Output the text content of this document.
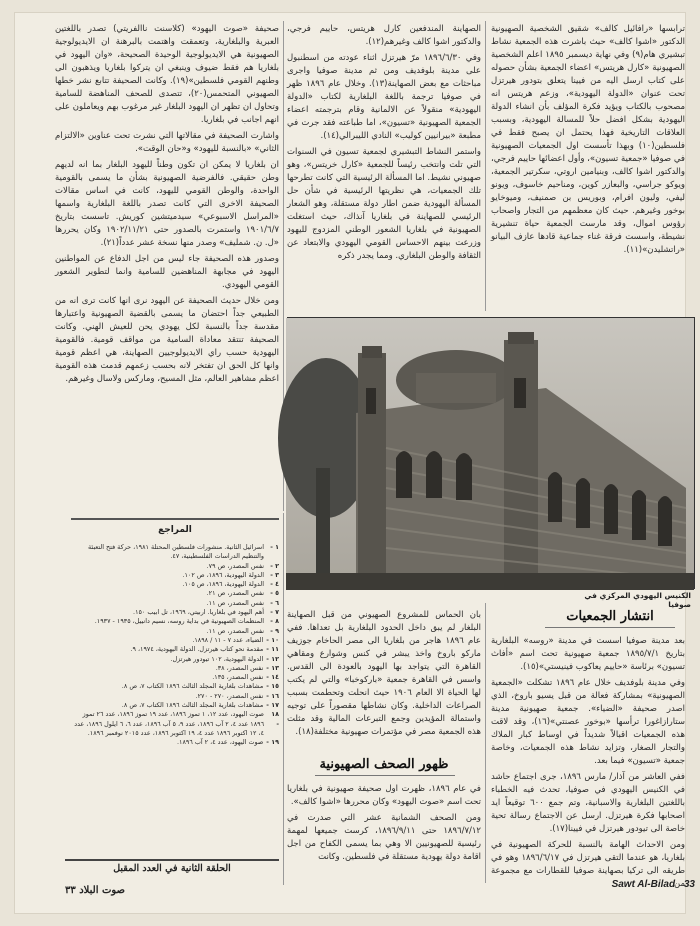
ترابسها «رافائيل كالف» شقيق الشخصية الصهيونية الدكتور «اشوا كالف» حيث باشرت هذه الجمعية نشاط تبشيري هام(٩) وفي نهاية ديسمبر ١٨٩٥ اعلم الشخصية الصهيونية «كارل هريتس» اعضاء الجمعية بشأن حصوله على كتاب ارسل اليه من فيينا يتعلق بتودور هيرتزل تحت عنوان «الدولة اليهودية»، وزعم هريتس انه مصحوب بالكتاب ويؤيد فكرة المؤلف بأن انشاء الدولة اليهودية بشكل افضل حلاً للمسالة اليهودية، وبسبب العلاقات التاريخية فهذا يحتمل ان يصبح فقط في فلسطين(١٠) وبهذا تأسست اول الجمعيات الصهيونية في صوفيا «جمعية تسيون»، وأول اعضائها حاييم فرجي، والدكتور اشوا كالف، وبنيامين اروتي، سكرتير الجمعية، ويوكو جراسي، والبعازر كوين، ومناحيم خاسوف، ويونو ليفي، وليون افرام، وبوريس بن صمنيف، وميوخايو بوخور وغيرهم. حيث كان معظمهم من التجار واصحاب رؤوس اموال، وقد مارست الجمعية حياة تنشيرية نشيطة، واسست فرقة غناء جماعية قادها عازف البيانو «راتشليدن»(١١).

الصهاينة المندفعين كارل هريتس، حاييم فرجي، والدكتور اشوا كالف وغيرهم(١٢).

وفي ١٨٩٦/٦/٣٠ مرّ هيرتزل اثناء عودته من اسطنبول على مدينة بلوفديف ومن ثم مدينة صوفيا واجرى مباحثات مع بعض الصهاينة(١٣). وخلال عام ١٨٩٦ ظهر في صوفيا ترجمة باللغة البلغارية لكتاب «الدولة اليهودية» منقولاً عن الالمانية وقام بترجمته اعضاء الجمعية الصهيونية «تسيون»، اما طباعته فقد جرت في مطبعة «بيرانيين كوليب» النادي الليبرالي(١٤).

واستمر النشاط التبشيري لجمعية تسيون في السنوات التي تلت وانتخب رئيساً للجمعية «كارل خريتس»، وهو صهيوني نشيط. اما المسألة الرئيسية التي كانت تطرحها تلك الجمعيات، هي نظريتها الرئيسية في شأن حل المسألة اليهودية ضمن اطار دولة مستقلة، وهو الشعار الرئيسي للصهاينة في بلغاريا آنذاك، حيث استغلت الصهيونية في بلغاريا الشعور الوطني المزدوج لليهود وزرعت بينهم الاحساس القومي اليهودي والابتعاد عن الثقافة والوطن البلغاري. ومما يجدر ذكره

صحيفة «صوت اليهود» (كلاسنت ناالفريتي) تصدر باللغتين العبرية والبلغارية، وتعمقت واهتمت بالبرهنة ان الايديولوجية الصهيونية هي الايديولوجية الوحيدة الصحيحة، «وان اليهود في بلغاريا هم فقط ضيوف وينبغي ان يتركوا بلغاريا ويذهبون الى وطنهم القومي فلسطين»(١٩). وكانت الصحيفة تتابع نشر خطها الصهيوني المتحمس(٢٠)، تتصدى للصحف المناهضة للسامية وتحاول ان تظهر ان اليهود البلغار غير مرغوب بهم ويعاملون على انهم اجانب في بلغاريا.

واشارت الصحيفة في مقالاتها التي نشرت تحت عناوين «الالتزام الثاني» «بالنسبة لليهود» و«حان الوقت».

ان بلغاريا لا يمكن ان تكون وطناً لليهود البلغار بما انه لديهم وطن حقيقي. فالفرضية الصهيونية بشأن ما يسمى بالقومية الواحدة، والوطن القومي لليهود، كانت في اساس مقالات الصحيفة الاخرى التي كانت تصدر باللغة البلغارية واسمها «المراسل الاسبوعي» سيدميتشين كوريش. تاسست بتاريخ ١٩٠١/٦/٧ واستمرت بالصدور حتى ١٩٠٢/١١/٢١ وكان يحررها «ل. ن. شمليف» وصدر منها نسخة عشر عدداً(٢١).

وصدور هذه الصحيفة جاء ليس من اجل الدفاع عن المواطنين اليهود في مجابهة المناهضين للسامية وانما لتطوير الشعور القومي اليهودي.

ومن خلال حديث الصحيفة عن اليهود نرى انها كانت ترى انه من الطبيعي جداً احتضان ما يسمى بالقضية الصهيونية واعتبارها مقدسة جداً بالنسبة لكل يهودي يحن للعيش الهني. وكانت الصحيفة تنتقد معاداة السامية من مواقف قومية. فالقومية اليهودية حسب راي الايديولوجيين الصهاينة، هي اعظم قومية وانها كل الحق ان تفتخر لانه بحسب زعمهم قدمت هذه القومية اعظم مشاهير العالم، مثل المسيح، وماركس ولاسال وغيرهم.

الكنيس اليهودي المركزي في صوفيا
انتشار الجمعيات

بعد مدينة صوفيا اسست في مدينة «روسه» البلغارية بتاريخ ١٨٩٥/٧/١ جمعية صهيونية تحت اسم «أفاث تسيون» برئاسة «حاييم يعاكوب فينيستي»(١٥).

وفي مدينة بلوفديف خلال عام ١٨٩٦ تشكلت «الجمعية الصهيونية» بمشاركة فعالة من قبل يسيو باروخ، الذي اصدر صحيفة «الضياء». جمعية صهيونية مدينة ستارازاغورا ترأسها «بوخور عصنتي»(١٦)، وقد لاقت هذه الجمعيات اقبالاً شديداً في اوساط كبار الملاك والتجار الصغار، وتزايد نشاط هذه الجمعيات، وخاصة جمعية «تسيون» فيما بعد.

ففي العاشر من آذار/ مارس ١٨٩٦، جرى اجتماع حاشد في الكنيس اليهودي في صوفيا، تحدث فيه الخطباء باللغتين البلغارية والاسبانية، وتم جمع ٦٠٠ توقيعاً ايد اصحابها فكرة هيرتزل. ارسل عن الاجتماع رسالة تحية خاصة الى تيودور هيرتزل في فيينا(١٧).

ومن الاحداث الهامة بالنسبة للحركة الصهيونية في بلغاريا، هو عندما التقى هيرتزل في ١٨٩٦/٦/١٧ وهو في طريقه الى تركيا بصهاينة صوفيا للقطارات مع مجموعة من

بان الحماس للمشروع الصهيوني من قبل الصهاينة البلغار لم يبق داخل الحدود البلغارية بل تعداها. ففي عام ١٨٩٦ هاجر من بلغاريا الى مصر الحاخام جوزيف ماركو باروخ واخذ يبشر في كنس وشوارع ومقاهي القاهرة التي يتواجد بها اليهود بالعودة الى القدس. واسس في القاهرة جمعية «باركوخبا» والتي لم يكتب لها الحياة الا العام ١٩٠٦ حيث انحلت وتحطمت بسبب الصراعات الداخلية. وكان نشاطها مقصوراً على توجيه واستمالة المؤيدين وجمع التبرعات المالية وقد مثلت هذه الجمعية مصر في مؤتمرات صهيونية مختلفة(١٨).

ظهور الصحف الصهيونية

في عام ١٨٩٦، ظهرت اول صحيفة صهيونية في بلغاريا تحت اسم «صوت اليهود» وكان محررها «اشوا كالف».

ومن الصحف الشمانية عشر التي صدرت في ١٨٩٦/٧/١٢ حتى ١٨٩٦/٩/١١، كرست جميعها لمهمة رئيسية للصهيونيين الا وهي بما يسمى الكفاح من اجل اقامة دولة يهودية مستقلة في فلسطين. وكانت

المراجع
١ -
اسرائيل الثانية. منشورات فلسطين المحتلة ١٩٨١، حركة فتح التعبئة والتنظيم الدراسات الفلسطينية، ٤٧.
٢ -
نفس المصدر، ص ٧٩.
٣ -
الدولة اليهودية، ١٨٩٦، ص ١٠٢.
٤ -
الدولة اليهودية، ١٨٩٦، ص ١٠٥.
٥ -
نفس المصدر، ص ٢١.
٦ -
نفس المصدر، ص ١١.
٧ -
أهم اليهود في بلغاريا. اربيتي، ١٩٦٩، تل ابيب ١٥٠.
٨ -
المنظمات الصهيونية في بداية روسه، نسيم دانييل، ١٩٣٥ - ١٩٣٧.
٩ -
نفس المصدر، ص ١١.
١٠ -
الضياء، عدد ٧ - ١١ / ١٨٩٨.
١١ -
مقدمة نحو كتاب هيرتزل. الدولة اليهودية، ١٩٧٤، ٩.
١٢ -
الدولة اليهودية، ١٠٢ تيودور هيرتزل.
١٣ -
نفس المصدر، ٣٨.
١٤ -
نفس المصدر، ١٣٥.
١٥ -
مشاهدات بلغارية المجلد الثالث ١٨٩٦ الكتاب ٧، ص ٨.
١٦ -
نفس المصدر، ٢٧٠ - ٢٧٠.
١٧ -
مشاهدات بلغارية المجلد الثالث ١٨٩٦ الكتاب ٧، ص ٨.
١٨ -
صوت اليهود، عدد ١٢، ١ تموز ١٨٩٦، عدد ١٩ تموز ١٨٩٦، عدد ٢٦ تموز ١٨٩٦ عدد ٤، ٢ آب ١٨٩٦، عدد ٩، ٥ آب ١٨٩٦، عدد ٦، ٦ ايلول ١٨٩٦، عدد ٤، ١٢ اكتوبر ١٨٩٦ عدد ٤، ١٩ اكتوبر ١٨٩٦، عدد ٢٠١٥ نوفمبر ١٨٩٦.
١٩ -
صوت اليهود، عدد ٤، ٢ آب ١٨٩٦.
الحلقة الثانية في العدد المقبل
صوت البلاد ٣٣
Sawt Al-Bilad 33
